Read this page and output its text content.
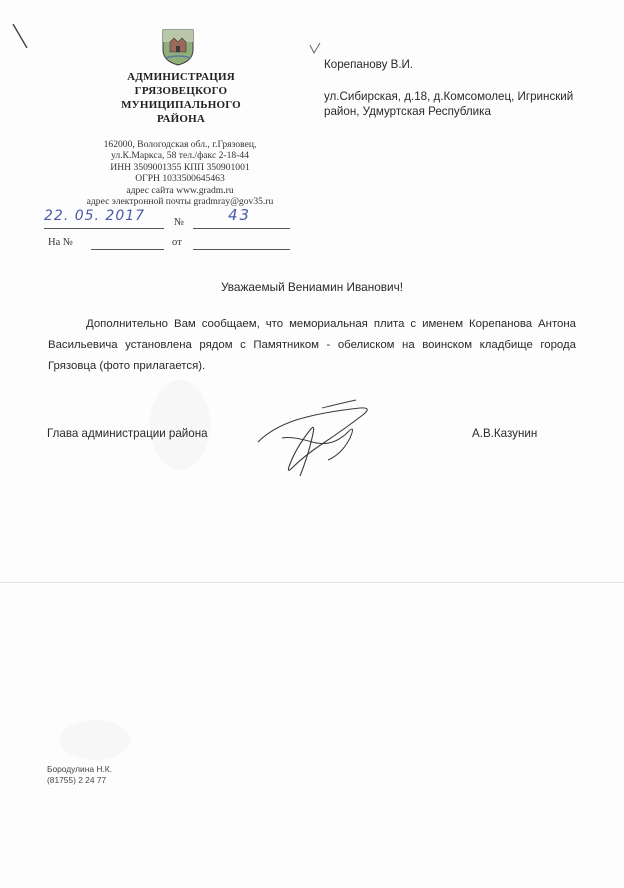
АДМИНИСТРАЦИЯ
ГРЯЗОВЕЦКОГО
МУНИЦИПАЛЬНОГО
РАЙОНА
162000, Вологодская обл., г.Грязовец,
ул.К.Маркса, 58 тел./факс 2-18-44
ИНН 3509001355 КПП 350901001
ОГРН 1033500645463
адрес сайта www.gradm.ru
адрес электронной почты gradmray@gov35.ru
22. 05. 2017	№	43
На №	от
Корепанову В.И.
ул.Сибирская, д.18, д.Комсомолец, Игринский район, Удмуртская Республика
Уважаемый Вениамин Иванович!
Дополнительно Вам сообщаем, что мемориальная плита с именем Корепанова Антона Васильевича установлена рядом с Памятником - обелиском на воинском кладбище города Грязовца (фото прилагается).
Глава администрации района	А.В.Казунин
Бородулина Н.К.
(81755) 2 24 77
